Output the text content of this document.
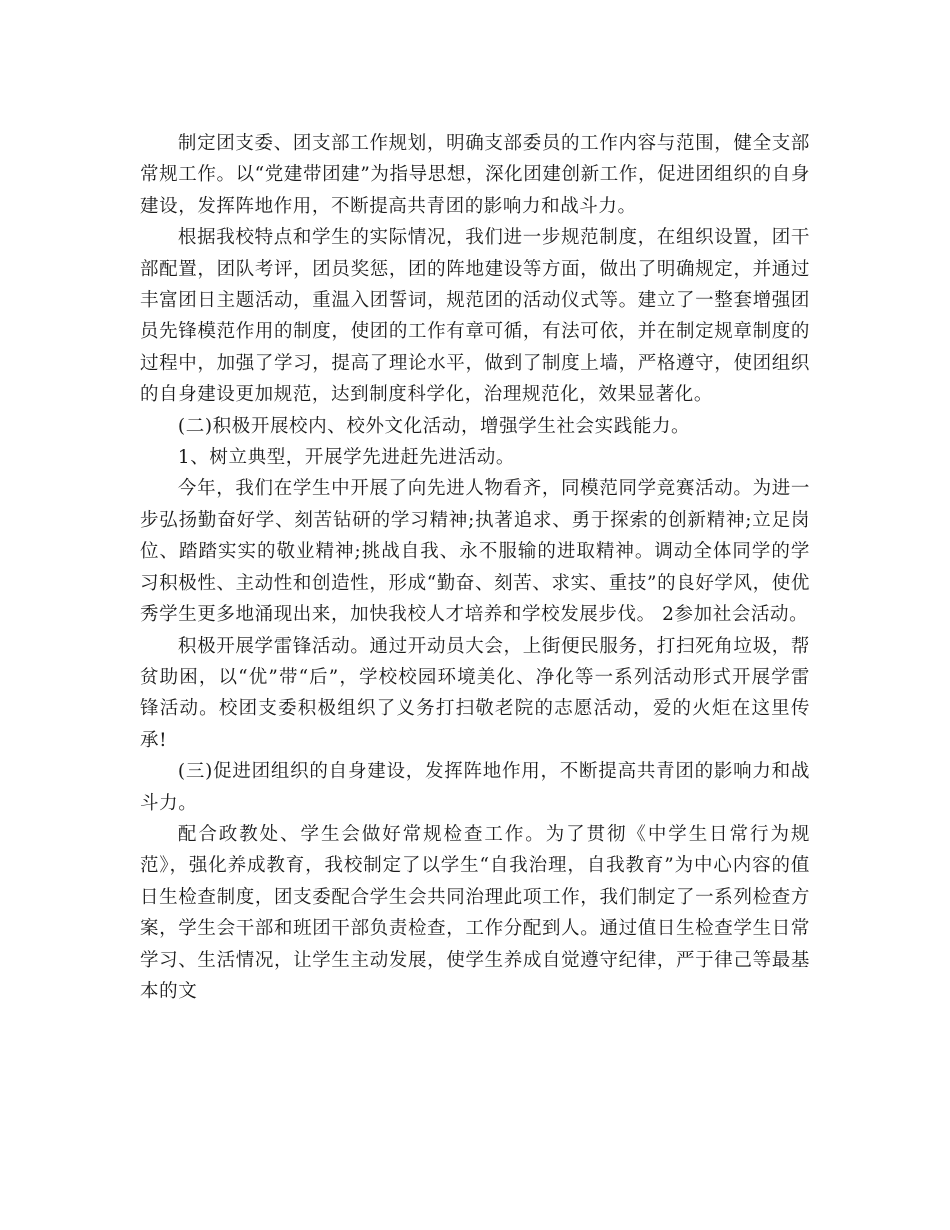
制定团支委、团支部工作规划，明确支部委员的工作内容与范围，健全支部常规工作。以“党建带团建”为指导思想，深化团建创新工作，促进团组织的自身建设，发挥阵地作用，不断提高共青团的影响力和战斗力。

根据我校特点和学生的实际情况，我们进一步规范制度，在组织设置，团干部配置，团队考评，团员奖惩，团的阵地建设等方面，做出了明确规定，并通过丰富团日主题活动，重温入团誓词，规范团的活动仪式等。建立了一整套增强团员先锋模范作用的制度，使团的工作有章可循，有法可依，并在制定规章制度的过程中，加强了学习，提高了理论水平，做到了制度上墙，严格遵守，使团组织的自身建设更加规范，达到制度科学化，治理规范化，效果显著化。

(二)积极开展校内、校外文化活动，增强学生社会实践能力。

1、树立典型，开展学先进赶先进活动。

今年，我们在学生中开展了向先进人物看齐，同模范同学竞赛活动。为进一步弘扬勤奋好学、刻苦钻研的学习精神;执著追求、勇于探索的创新精神;立足岗位、踏踏实实的敬业精神;挑战自我、永不服输的进取精神。调动全体同学的学习积极性、主动性和创造性，形成“勤奋、刻苦、求实、重技”的良好学风，使优秀学生更多地涌现出来，加快我校人才培养和学校发展步伐。 2参加社会活动。

积极开展学雷锋活动。通过开动员大会，上街便民服务，打扫死角垃圾，帮贫助困，以“优”带“后”，学校校园环境美化、净化等一系列活动形式开展学雷锋活动。校团支委积极组织了义务打扫敬老院的志愿活动，爱的火炬在这里传承!

(三)促进团组织的自身建设，发挥阵地作用，不断提高共青团的影响力和战斗力。

配合政教处、学生会做好常规检查工作。为了贯彻《中学生日常行为规范》，强化养成教育，我校制定了以学生“自我治理，自我教育”为中心内容的值日生检查制度，团支委配合学生会共同治理此项工作，我们制定了一系列检查方案，学生会干部和班团干部负责检查，工作分配到人。通过值日生检查学生日常学习、生活情况，让学生主动发展，使学生养成自觉遵守纪律，严于律己等最基本的文
